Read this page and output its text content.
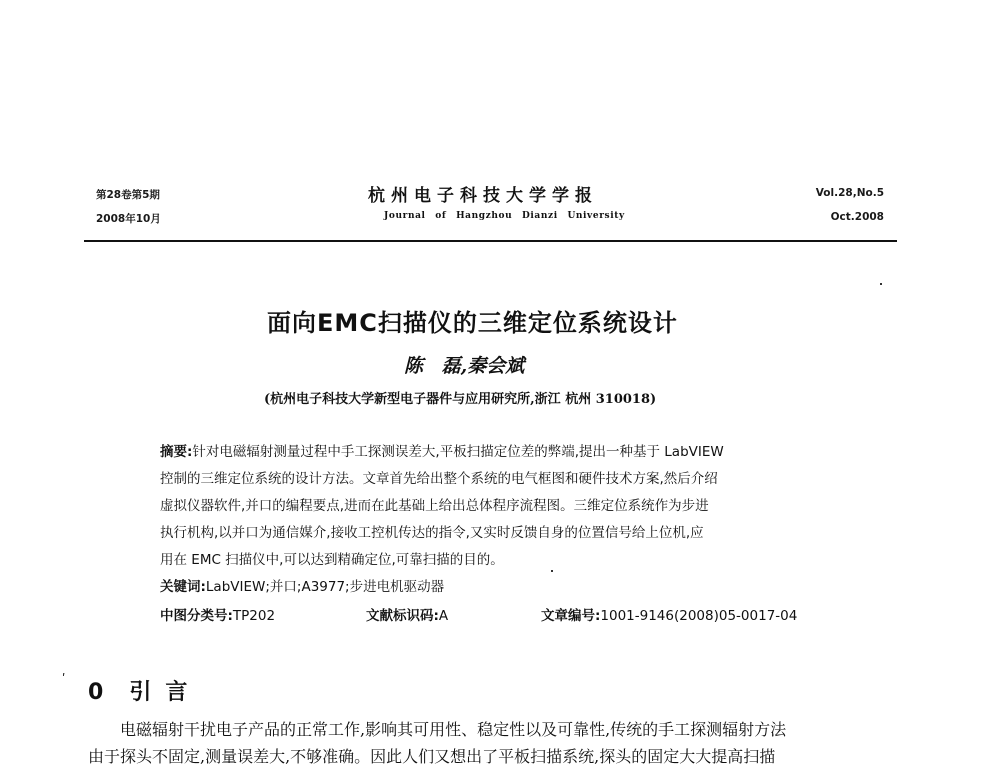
第28卷第5期
2008年10月
杭州电子科技大学学报
Journal of Hangzhou Dianzi University
Vol.28,No.5
Oct.2008
面向EMC扫描仪的三维定位系统设计
陈 磊,秦会斌
(杭州电子科技大学新型电子器件与应用研究所,浙江 杭州 310018)
摘要:针对电磁辐射测量过程中手工探测误差大,平板扫描定位差的弊端,提出一种基于 LabVIEW
控制的三维定位系统的设计方法。文章首先给出整个系统的电气框图和硬件技术方案,然后介绍
虚拟仪器软件,并口的编程要点,进而在此基础上给出总体程序流程图。三维定位系统作为步进
执行机构,以并口为通信媒介,接收工控机传达的指令,又实时反馈自身的位置信号给上位机,应
用在 EMC 扫描仪中,可以达到精确定位,可靠扫描的目的。
关键词:LabVIEW;并口;A3977;步进电机驱动器
中图分类号:TP202	文献标识码:A	文章编号:1001-9146(2008)05-0017-04
ʹ
0 引言
电磁辐射干扰电子产品的正常工作,影响其可用性、稳定性以及可靠性,传统的手工探测辐射方法
由于探头不固定,测量误差大,不够准确。因此人们又想出了平板扫描系统,探头的固定大大提高扫描
